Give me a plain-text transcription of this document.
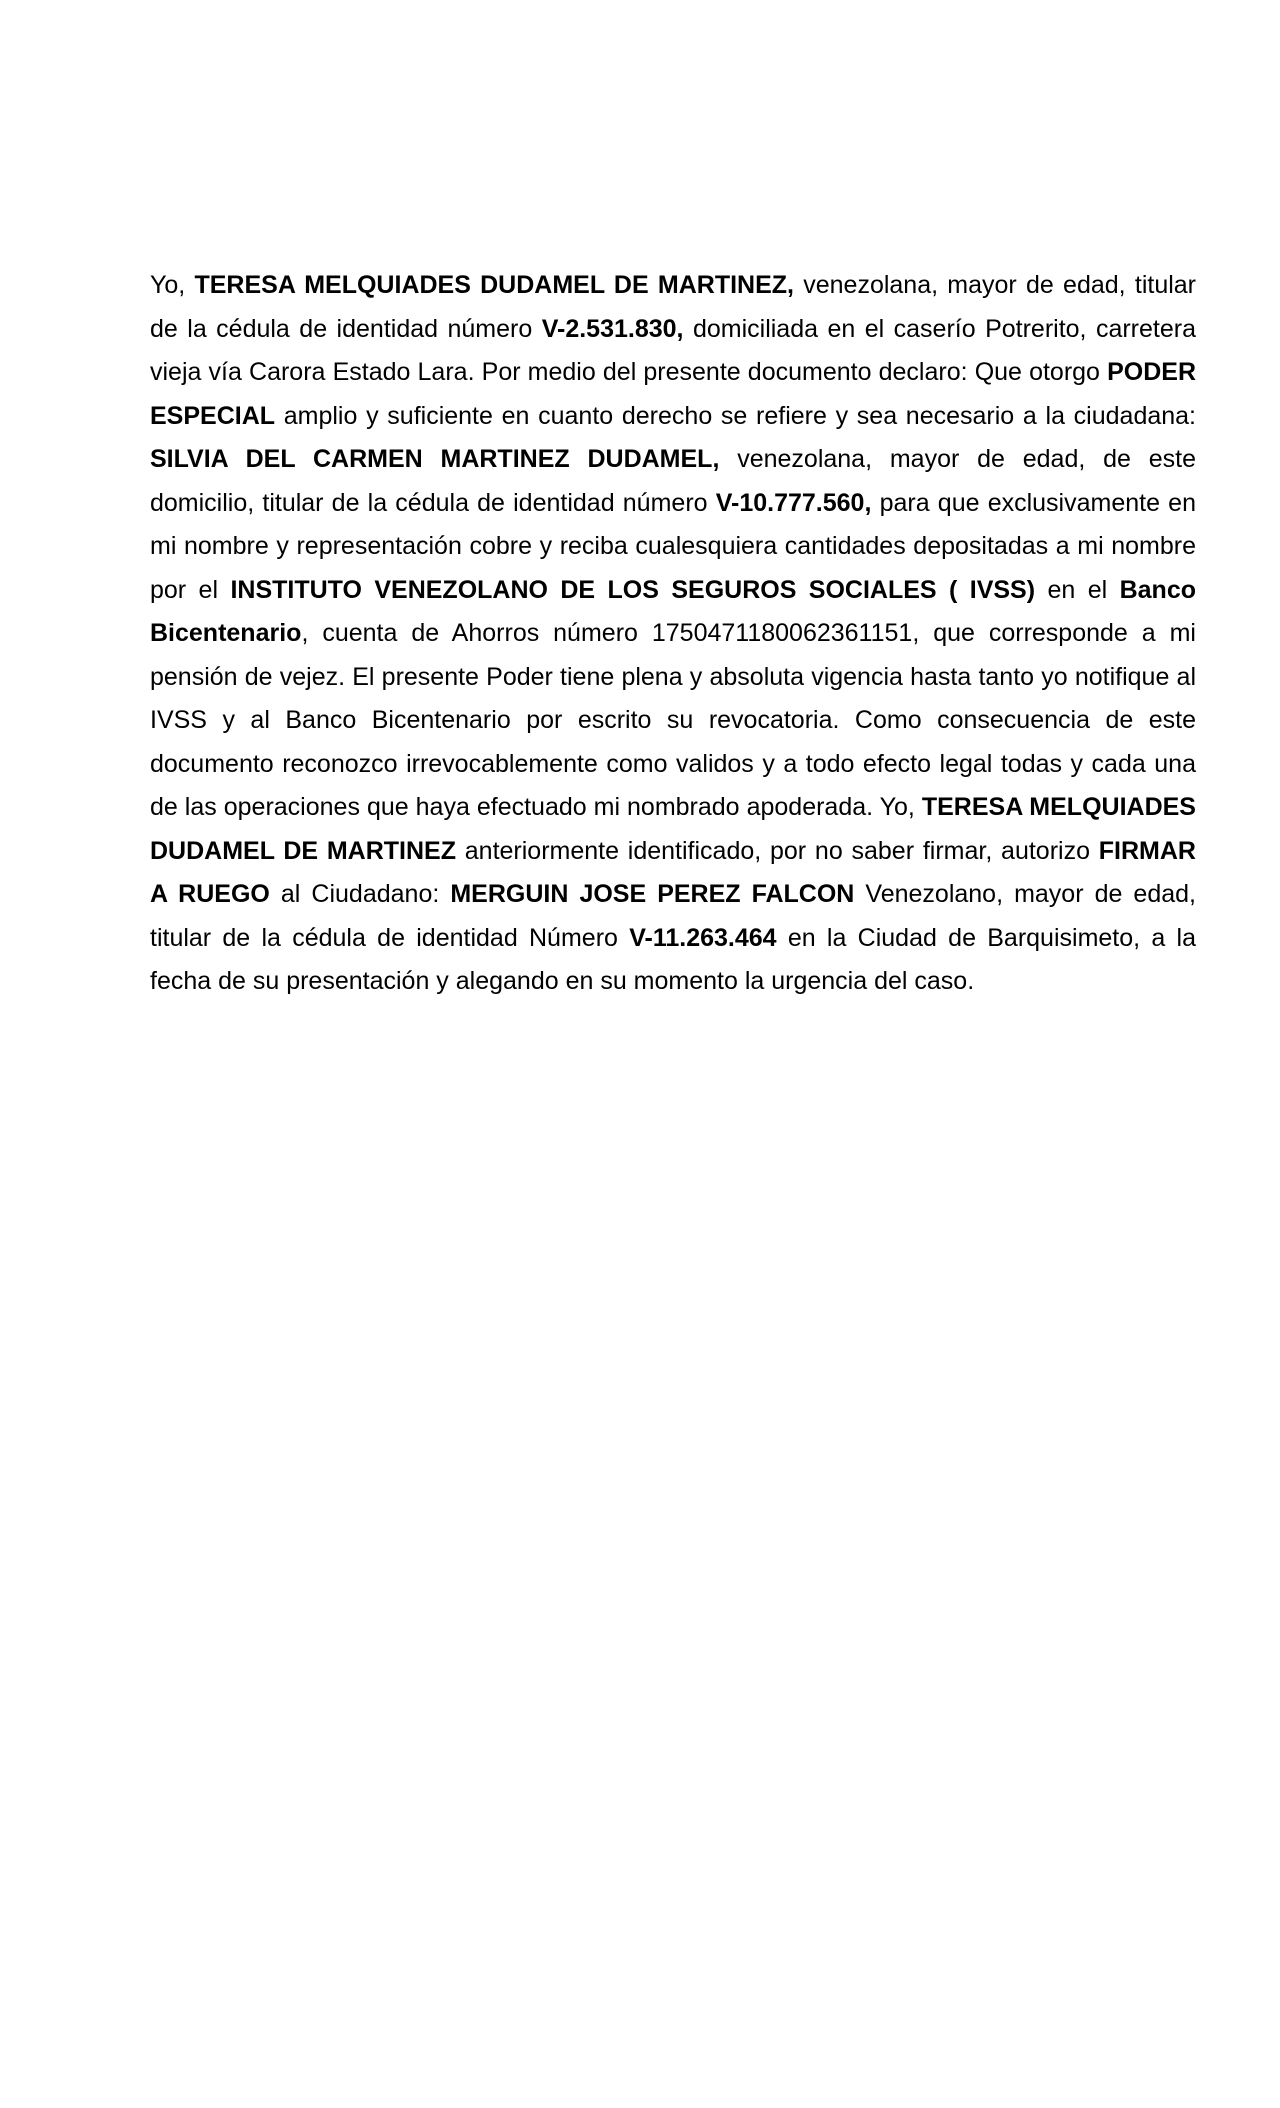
Yo, TERESA MELQUIADES DUDAMEL DE MARTINEZ, venezolana, mayor de edad, titular de la cédula de identidad número V-2.531.830, domiciliada en el caserío Potrerito, carretera vieja vía Carora Estado Lara. Por medio del presente documento declaro: Que otorgo PODER ESPECIAL amplio y suficiente en cuanto derecho se refiere y sea necesario a la ciudadana: SILVIA DEL CARMEN MARTINEZ DUDAMEL, venezolana, mayor de edad, de este domicilio, titular de la cédula de identidad número V-10.777.560, para que exclusivamente en mi nombre y representación cobre y reciba cualesquiera cantidades depositadas a mi nombre por el INSTITUTO VENEZOLANO DE LOS SEGUROS SOCIALES ( IVSS) en el Banco Bicentenario, cuenta de Ahorros número 1750471180062361151, que corresponde a mi pensión de vejez. El presente Poder tiene plena y absoluta vigencia hasta tanto yo notifique al IVSS y al Banco Bicentenario por escrito su revocatoria. Como consecuencia de este documento reconozco irrevocablemente como validos y a todo efecto legal todas y cada una de las operaciones que haya efectuado mi nombrado apoderada. Yo, TERESA MELQUIADES DUDAMEL DE MARTINEZ anteriormente identificado, por no saber firmar, autorizo FIRMAR A RUEGO al Ciudadano: MERGUIN JOSE PEREZ FALCON Venezolano, mayor de edad, titular de la cédula de identidad Número V-11.263.464 en la Ciudad de Barquisimeto, a la fecha de su presentación y alegando en su momento la urgencia del caso.
